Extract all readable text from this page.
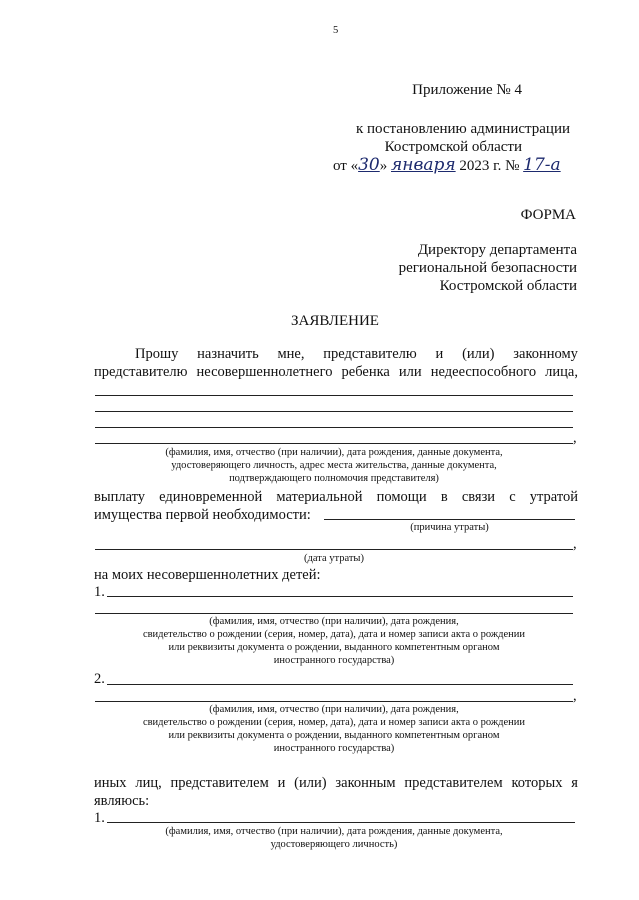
5
Приложение № 4
к постановлению администрации
Костромской области
от «30» января 2023 г. № 17-а
ФОРМА
Директору департамента
региональной безопасности
Костромской области
ЗАЯВЛЕНИЕ
Прошу назначить мне, представителю и (или) законному
представителю несовершеннолетнего ребенка или недееспособного лица,
,
(фамилия, имя, отчество (при наличии), дата рождения, данные документа,
удостоверяющего личность, адрес места жительства, данные документа,
подтверждающего полномочия представителя)
выплату единовременной материальной помощи в связи с утратой
имущества первой необходимости:
(причина утраты)
,
(дата утраты)
на моих несовершеннолетних детей:
1.
(фамилия, имя, отчество (при наличии), дата рождения,
свидетельство о рождении (серия, номер, дата), дата и номер записи акта о рождении
или реквизиты документа о рождении, выданного компетентным органом
иностранного государства)
2.
,
(фамилия, имя, отчество (при наличии), дата рождения,
свидетельство о рождении (серия, номер, дата), дата и номер записи акта о рождении
или реквизиты документа о рождении, выданного компетентным органом
иностранного государства)
иных лиц, представителем и (или) законным представителем которых я
являюсь:
1.
(фамилия, имя, отчество (при наличии), дата рождения, данные документа,
удостоверяющего личность)
